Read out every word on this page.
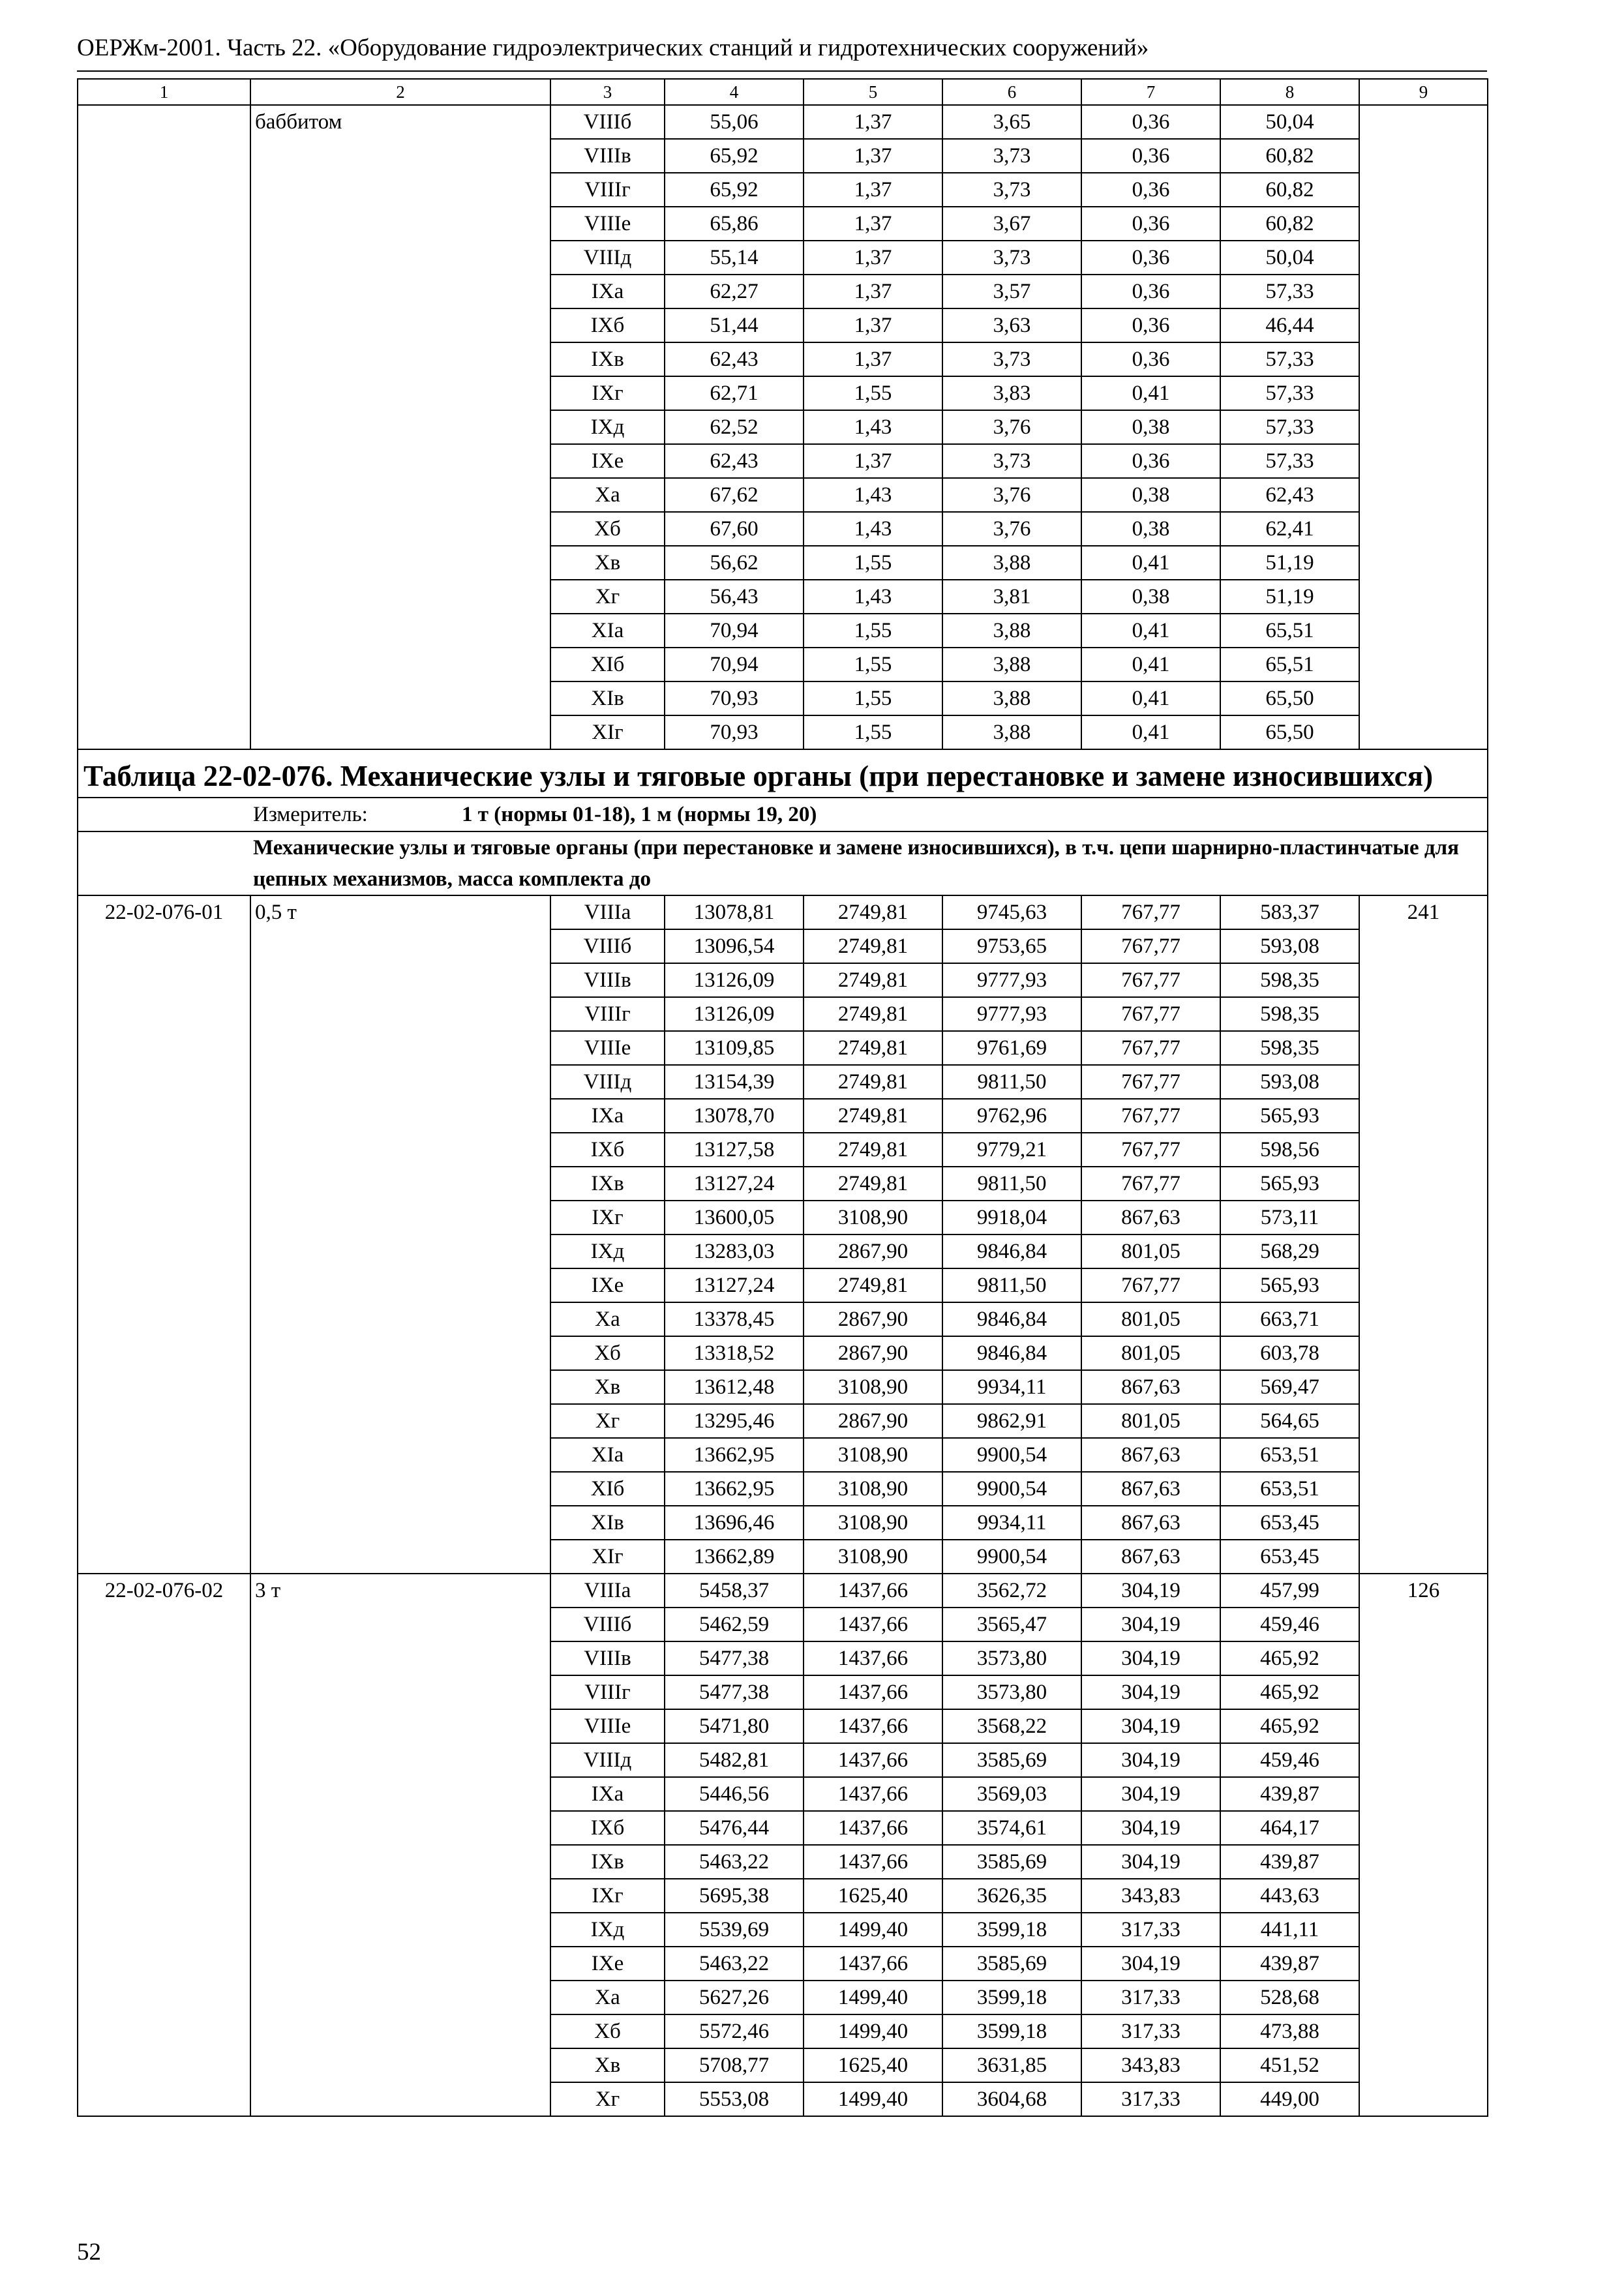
ОЕРЖм-2001. Часть 22. «Оборудование гидроэлектрических станций и гидротехнических сооружений»
1	2	3	4	5	6	7	8	9
	баббитом	VIIIб	55,06	1,37	3,65	0,36	50,04	
		VIIIв	65,92	1,37	3,73	0,36	60,82	
		VIIIг	65,92	1,37	3,73	0,36	60,82	
		VIIIе	65,86	1,37	3,67	0,36	60,82	
		VIIIд	55,14	1,37	3,73	0,36	50,04	
		IXа	62,27	1,37	3,57	0,36	57,33	
		IXб	51,44	1,37	3,63	0,36	46,44	
		IXв	62,43	1,37	3,73	0,36	57,33	
		IXг	62,71	1,55	3,83	0,41	57,33	
		IXд	62,52	1,43	3,76	0,38	57,33	
		IXе	62,43	1,37	3,73	0,36	57,33	
		Xа	67,62	1,43	3,76	0,38	62,43	
		Xб	67,60	1,43	3,76	0,38	62,41	
		Xв	56,62	1,55	3,88	0,41	51,19	
		Xг	56,43	1,43	3,81	0,38	51,19	
		XIа	70,94	1,55	3,88	0,41	65,51	
		XIб	70,94	1,55	3,88	0,41	65,51	
		XIв	70,93	1,55	3,88	0,41	65,50	
		XIг	70,93	1,55	3,88	0,41	65,50	
Таблица 22-02-076. Механические узлы и тяговые органы (при перестановке и замене износившихся)								
Измеритель: 1 т (нормы 01-18), 1 м (нормы 19, 20)								
Механические узлы и тяговые органы (при перестановке и замене износившихся), в т.ч. цепи шарнирно-пластинчатые для цепных механизмов, масса комплекта до								
22-02-076-01	0,5 т	VIIIа	13078,81	2749,81	9745,63	767,77	583,37	241
		VIIIб	13096,54	2749,81	9753,65	767,77	593,08	
		VIIIв	13126,09	2749,81	9777,93	767,77	598,35	
		VIIIг	13126,09	2749,81	9777,93	767,77	598,35	
		VIIIе	13109,85	2749,81	9761,69	767,77	598,35	
		VIIIд	13154,39	2749,81	9811,50	767,77	593,08	
		IXа	13078,70	2749,81	9762,96	767,77	565,93	
		IXб	13127,58	2749,81	9779,21	767,77	598,56	
		IXв	13127,24	2749,81	9811,50	767,77	565,93	
		IXг	13600,05	3108,90	9918,04	867,63	573,11	
		IXд	13283,03	2867,90	9846,84	801,05	568,29	
		IXе	13127,24	2749,81	9811,50	767,77	565,93	
		Xа	13378,45	2867,90	9846,84	801,05	663,71	
		Xб	13318,52	2867,90	9846,84	801,05	603,78	
		Xв	13612,48	3108,90	9934,11	867,63	569,47	
		Xг	13295,46	2867,90	9862,91	801,05	564,65	
		XIа	13662,95	3108,90	9900,54	867,63	653,51	
		XIб	13662,95	3108,90	9900,54	867,63	653,51	
		XIв	13696,46	3108,90	9934,11	867,63	653,45	
		XIг	13662,89	3108,90	9900,54	867,63	653,45	
22-02-076-02	3 т	VIIIа	5458,37	1437,66	3562,72	304,19	457,99	126
		VIIIб	5462,59	1437,66	3565,47	304,19	459,46	
		VIIIв	5477,38	1437,66	3573,80	304,19	465,92	
		VIIIг	5477,38	1437,66	3573,80	304,19	465,92	
		VIIIе	5471,80	1437,66	3568,22	304,19	465,92	
		VIIIд	5482,81	1437,66	3585,69	304,19	459,46	
		IXа	5446,56	1437,66	3569,03	304,19	439,87	
		IXб	5476,44	1437,66	3574,61	304,19	464,17	
		IXв	5463,22	1437,66	3585,69	304,19	439,87	
		IXг	5695,38	1625,40	3626,35	343,83	443,63	
		IXд	5539,69	1499,40	3599,18	317,33	441,11	
		IXе	5463,22	1437,66	3585,69	304,19	439,87	
		Xа	5627,26	1499,40	3599,18	317,33	528,68	
		Xб	5572,46	1499,40	3599,18	317,33	473,88	
		Xв	5708,77	1625,40	3631,85	343,83	451,52	
		Xг	5553,08	1499,40	3604,68	317,33	449,00	
52
